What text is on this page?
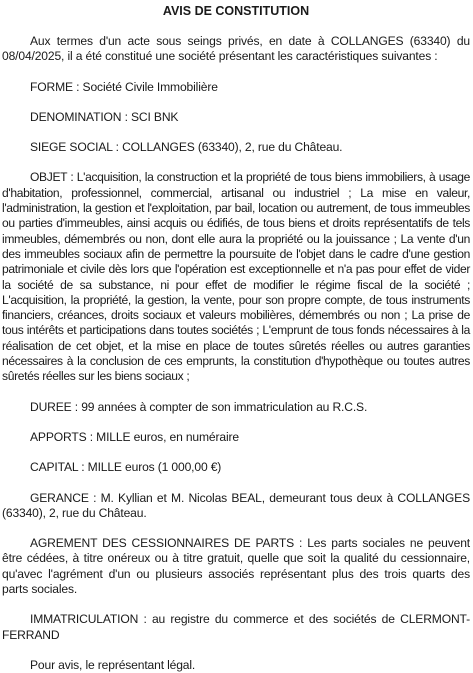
AVIS DE CONSTITUTION

Aux termes d'un acte sous seings privés, en date à COLLANGES (63340) du 08/04/2025, il a été constitué une société présentant les caractéristiques suivantes :

FORME : Société Civile Immobilière

DENOMINATION : SCI BNK

SIEGE SOCIAL : COLLANGES (63340), 2, rue du Château.

OBJET : L'acquisition, la construction et la propriété de tous biens immobiliers, à usage d'habitation, professionnel, commercial, artisanal ou industriel ; La mise en valeur, l'administration, la gestion et l'exploitation, par bail, location ou autrement, de tous immeubles ou parties d'immeubles, ainsi acquis ou édifiés, de tous biens et droits représentatifs de tels immeubles, démembrés ou non, dont elle aura la propriété ou la jouissance ; La vente d'un des immeubles sociaux afin de permettre la poursuite de l'objet dans le cadre d'une gestion patrimoniale et civile dès lors que l'opération est exceptionnelle et n'a pas pour effet de vider la société de sa substance, ni pour effet de modifier le régime fiscal de la société ; L'acquisition, la propriété, la gestion, la vente, pour son propre compte, de tous instruments financiers, créances, droits sociaux et valeurs mobilières, démembrés ou non ; La prise de tous intérêts et participations dans toutes sociétés ; L'emprunt de tous fonds nécessaires à la réalisation de cet objet, et la mise en place de toutes sûretés réelles ou autres garanties nécessaires à la conclusion de ces emprunts, la constitution d'hypothèque ou toutes autres sûretés réelles sur les biens sociaux ;

DUREE : 99 années à compter de son immatriculation au R.C.S.

APPORTS : MILLE euros, en numéraire

CAPITAL : MILLE euros (1 000,00 €)

GERANCE : M. Kyllian et M. Nicolas BEAL, demeurant tous deux à COLLANGES (63340), 2, rue du Château.

AGREMENT DES CESSIONNAIRES DE PARTS : Les parts sociales ne peuvent être cédées, à titre onéreux ou à titre gratuit, quelle que soit la qualité du cessionnaire, qu'avec l'agrément d'un ou plusieurs associés représentant plus des trois quarts des parts sociales.

IMMATRICULATION : au registre du commerce et des sociétés de CLERMONT-FERRAND

Pour avis, le représentant légal.
